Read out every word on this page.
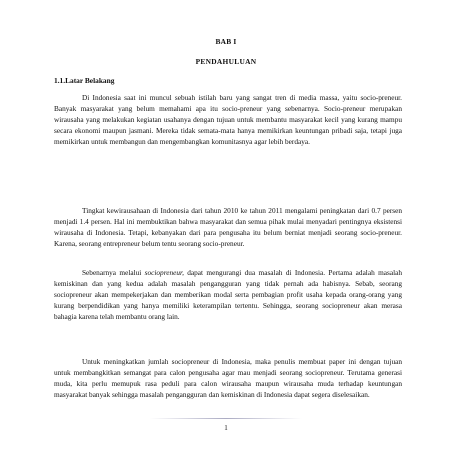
BAB I
PENDAHULUAN
1.1.Latar Belakang

Di Indonesia saat ini muncul sebuah istilah baru yang sangat tren di media massa, yaitu socio-preneur. Banyak masyarakat yang belum memahami apa itu socio-preneur yang sebenarnya. Socio-preneur merupakan wirausaha yang melakukan kegiatan usahanya dengan tujuan untuk membantu masyarakat kecil yang kurang mampu secara ekonomi maupun jasmani. Mereka tidak semata-mata hanya memikirkan keuntungan pribadi saja, tetapi juga memikirkan untuk membangun dan mengembangkan komunitasnya agar lebih berdaya.

Tingkat kewirausahaan di Indonesia dari tahun 2010 ke tahun 2011 mengalami peningkatan dari 0.7 persen menjadi 1.4 persen. Hal ini membuktikan bahwa masyarakat dan semua pihak mulai menyadari pentingnya eksistensi wirausaha di Indonesia. Tetapi, kebanyakan dari para pengusaha itu belum berniat menjadi seorang socio-preneur. Karena, seorang entrepreneur belum tentu seorang socio-preneur.

Sebenarnya melalui sociopreneur, dapat mengurangi dua masalah di Indonesia. Pertama adalah masalah kemiskinan dan yang kedua adalah masalah pengangguran yang tidak pernah ada habisnya. Sebab, seorang sociopreneur akan mempekerjakan dan memberikan modal serta pembagian profit usaha kepada orang-orang yang kurang berpendidikan yang hanya memiliki keterampilan tertentu. Sehingga, seorang sociopreneur akan merasa bahagia karena telah membantu orang lain.

Untuk meningkatkan jumlah sociopreneur di Indonesia, maka penulis membuat paper ini dengan tujuan untuk membangkitkan semangat para calon pengusaha agar mau menjadi seorang sociopreneur. Terutama generasi muda, kita perlu memupuk rasa peduli para calon wirausaha maupun wirausaha muda terhadap keuntungan masyarakat banyak sehingga masalah pengangguran dan kemiskinan di Indonesia dapat segera diselesaikan.

1
